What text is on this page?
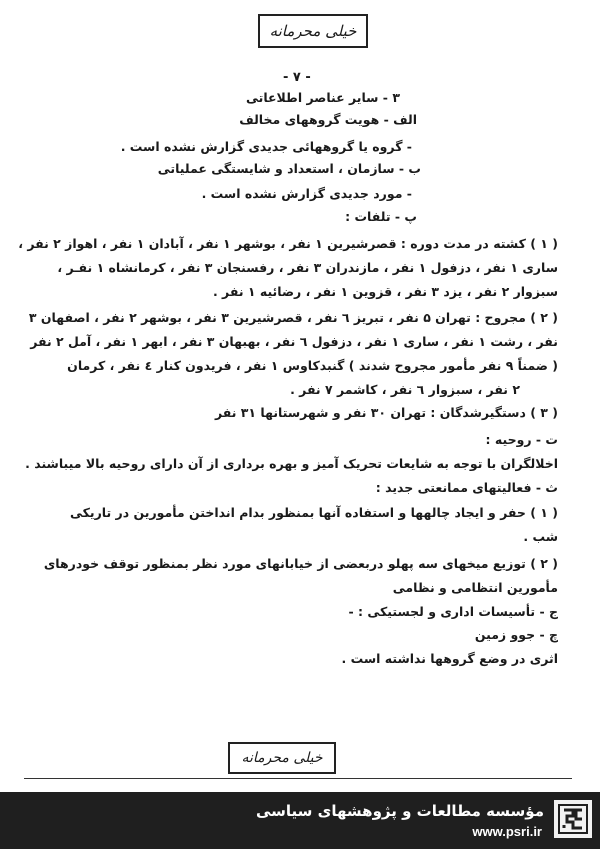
خیلی محرمانه
- ۷ -
۳ - سایر عناصر اطلاعاتی
الف - هویت گروههای مخالف
- گروه یا گروههائی جدیدی گزارش نشده است .
ب - سازمان ، استعداد و شایستگی عملیاتی
- مورد جدیدی گزارش نشده است .
پ - تلفات :
( ۱ ) کشته در مدت دوره : قصرشیرین ۱ نفر ، بوشهر ۱ نفر ، آبادان ۱ نفر ، اهواز ۲ نفر ،
ساری ۱ نفر ، دزفول ۱ نفر ، مازندران ۳ نفر ، رفسنجان ۳ نفر ، کرمانشاه ۱ نفـر ،
سبزوار ۲ نفر ، یزد ۳ نفر ، قزوین ۱ نفر ، رضائیه ۱ نفر .
( ۲ ) مجروح : تهران ۵ نفر ، تبریز ٦ نفر ، قصرشیرین ۳ نفر ، بوشهر ۲ نفر ، اصفهان ۳
نفر ، رشت ۱ نفر ، ساری ۱ نفر ، دزفول ٦ نفر ، بهبهان ۳ نفر ، ابهر ۱ نفر ، آمل ۲ نفر
( ضمناً ۹ نفر مأمور مجروح شدند ) گنبدکاوس ۱ نفر ، فریدون کنار ٤ نفر ، کرمان
۲ نفر ، سبزوار ٦ نفر ، کاشمر ۷ نفر .
( ۳ ) دستگیرشدگان : تهران ۳۰ نفر و شهرستانها ۳۱ نفر
ت - روحیه :
اخلالگران با توجه به شایعات تحریک آمیز و بهره برداری از آن دارای روحیه بالا میباشند .
ث - فعالیتهای ممانعتی جدید :
( ۱ ) حفر و ایجاد چالهها و استفاده آنها بمنظور بدام انداختن مأمورین در تاریکی
شب .
( ۲ ) توزیع میخهای سه پهلو دربعضی از خیابانهای مورد نظر بمنظور توقف خودرهای
مأمورین انتظامی و نظامی
ج - تأسیسات اداری و لجستیکی : -
چ - جوو زمین
اثری در وضع گروهها نداشته است .
خیلی محرمانه
مؤسسه مطالعات و پژوهشهای سیاسی
www.psri.ir
